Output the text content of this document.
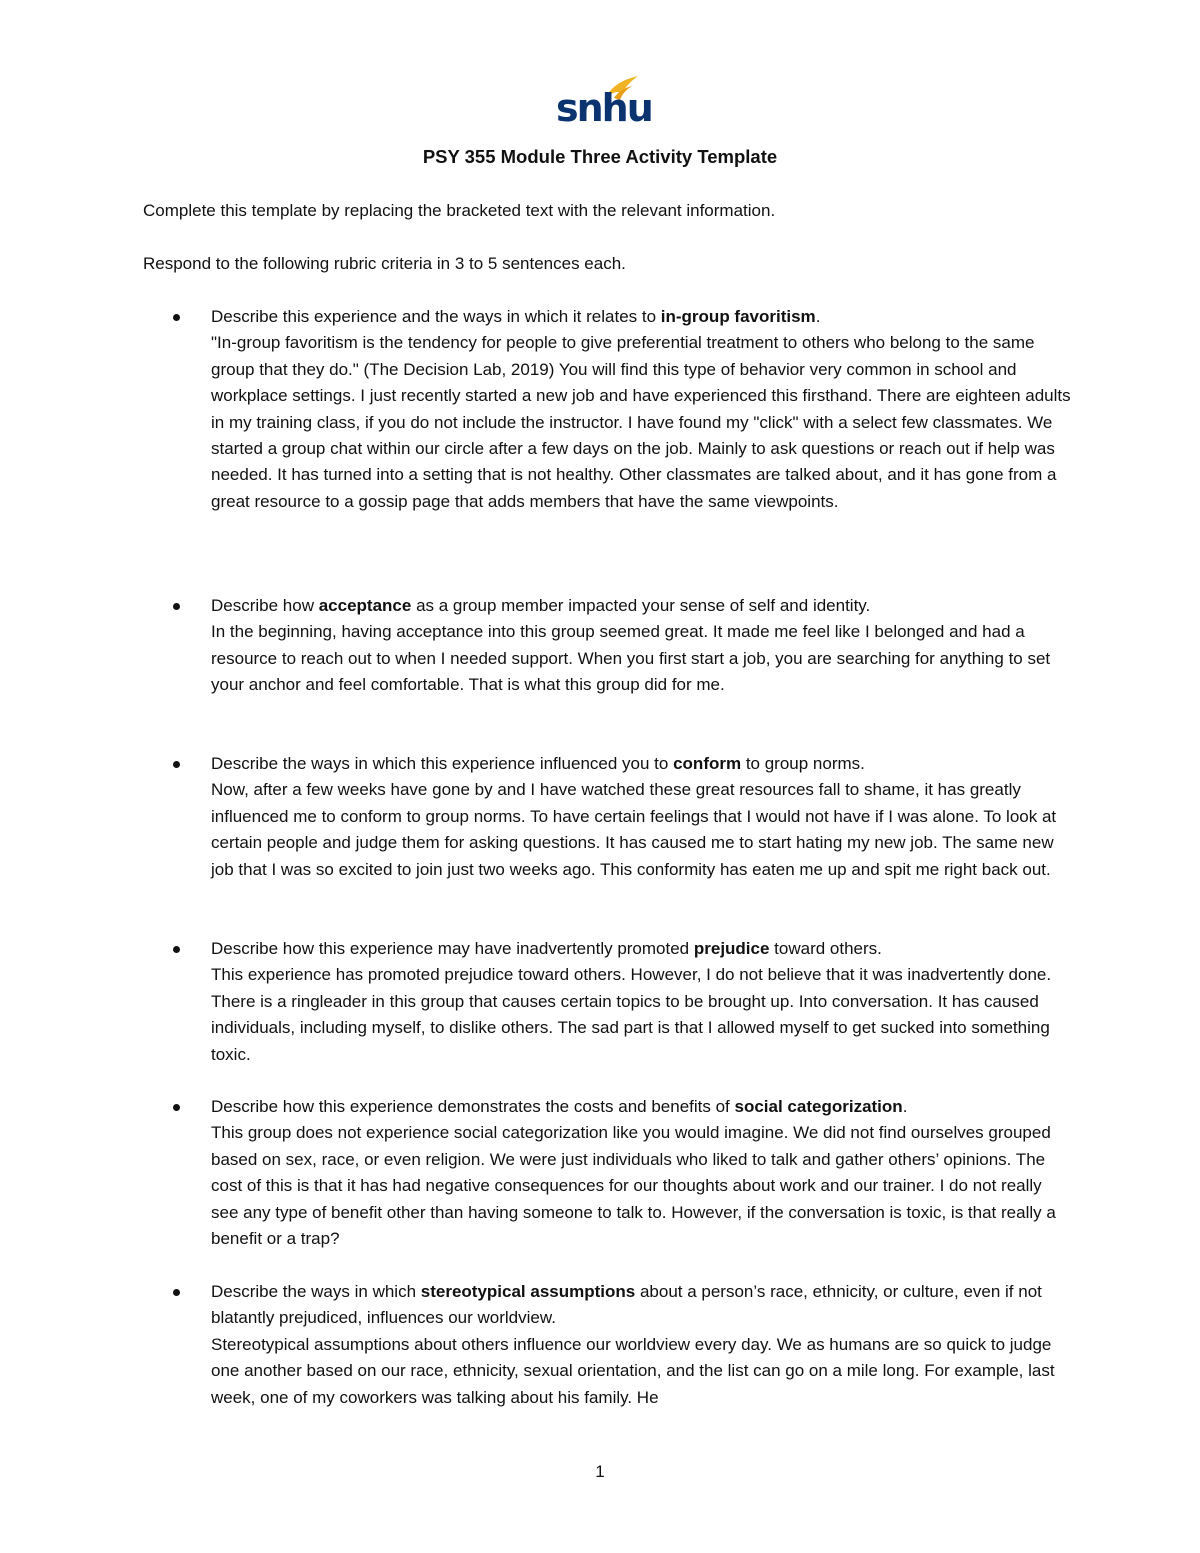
snhu
PSY 355 Module Three Activity Template
Complete this template by replacing the bracketed text with the relevant information.
Respond to the following rubric criteria in 3 to 5 sentences each.
Describe this experience and the ways in which it relates to in-group favoritism.
"In-group favoritism is the tendency for people to give preferential treatment to others who belong to the same group that they do." (The Decision Lab, 2019) You will find this type of behavior very common in school and workplace settings. I just recently started a new job and have experienced this firsthand. There are eighteen adults in my training class, if you do not include the instructor. I have found my "click" with a select few classmates. We started a group chat within our circle after a few days on the job. Mainly to ask questions or reach out if help was needed. It has turned into a setting that is not healthy. Other classmates are talked about, and it has gone from a great resource to a gossip page that adds members that have the same viewpoints.
Describe how acceptance as a group member impacted your sense of self and identity.
In the beginning, having acceptance into this group seemed great. It made me feel like I belonged and had a resource to reach out to when I needed support. When you first start a job, you are searching for anything to set your anchor and feel comfortable. That is what this group did for me.
Describe the ways in which this experience influenced you to conform to group norms.
Now, after a few weeks have gone by and I have watched these great resources fall to shame, it has greatly influenced me to conform to group norms. To have certain feelings that I would not have if I was alone. To look at certain people and judge them for asking questions. It has caused me to start hating my new job. The same new job that I was so excited to join just two weeks ago. This conformity has eaten me up and spit me right back out.
Describe how this experience may have inadvertently promoted prejudice toward others.
This experience has promoted prejudice toward others. However, I do not believe that it was inadvertently done. There is a ringleader in this group that causes certain topics to be brought up. Into conversation. It has caused individuals, including myself, to dislike others. The sad part is that I allowed myself to get sucked into something toxic.
Describe how this experience demonstrates the costs and benefits of social categorization.
This group does not experience social categorization like you would imagine. We did not find ourselves grouped based on sex, race, or even religion. We were just individuals who liked to talk and gather others’ opinions. The cost of this is that it has had negative consequences for our thoughts about work and our trainer. I do not really see any type of benefit other than having someone to talk to. However, if the conversation is toxic, is that really a benefit or a trap?
Describe the ways in which stereotypical assumptions about a person’s race, ethnicity, or culture, even if not blatantly prejudiced, influences our worldview.
Stereotypical assumptions about others influence our worldview every day. We as humans are so quick to judge one another based on our race, ethnicity, sexual orientation, and the list can go on a mile long. For example, last week, one of my coworkers was talking about his family. He
1
